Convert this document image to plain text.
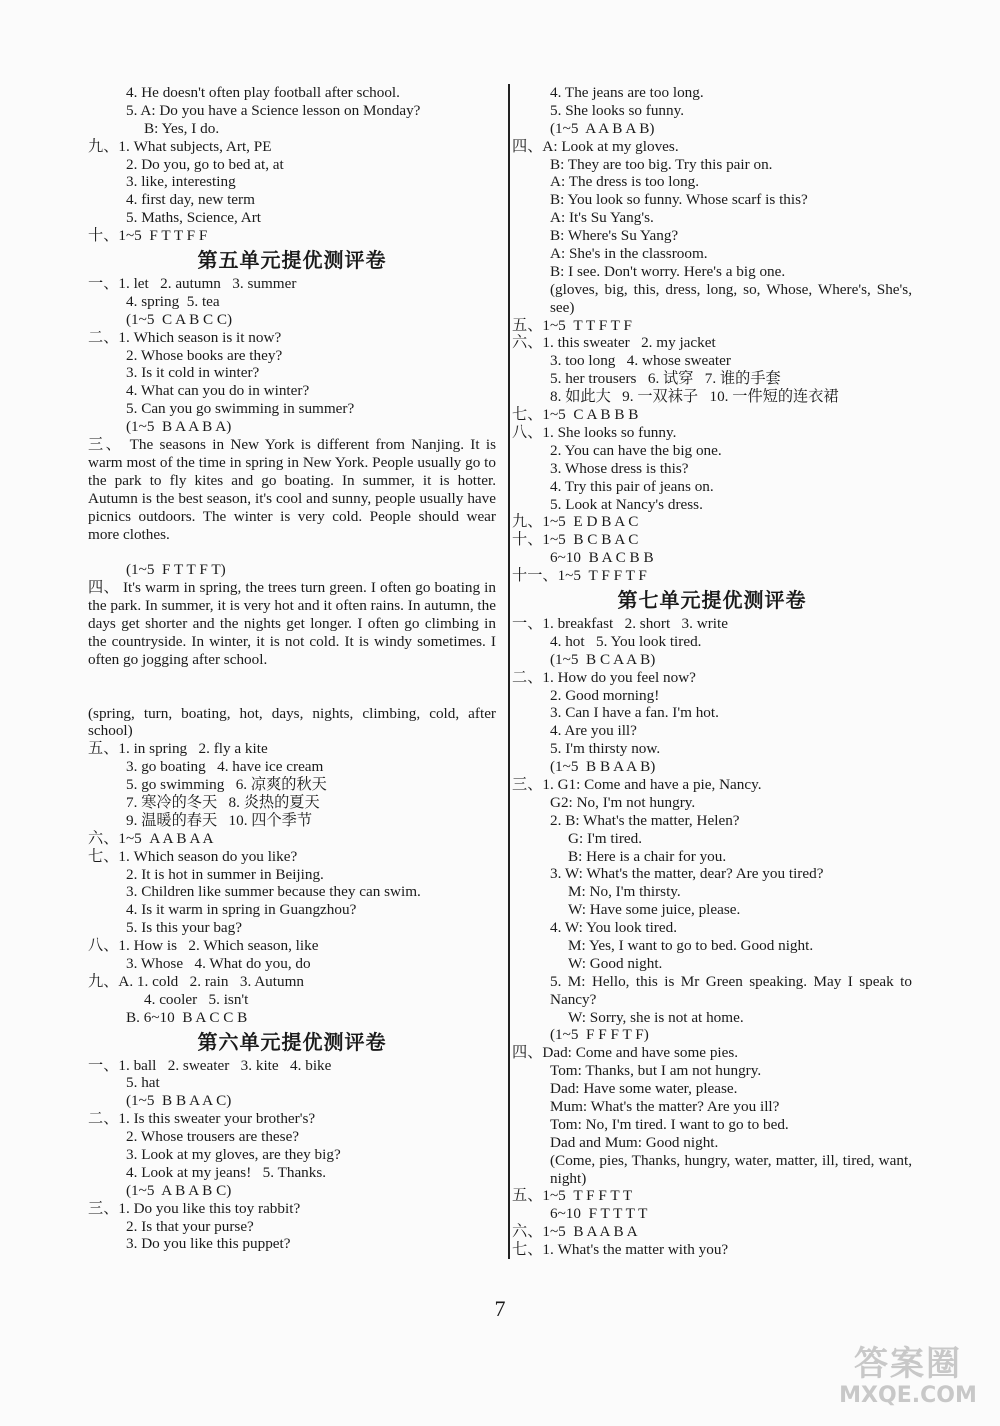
4. He doesn't often play football after school.
5. A: Do you have a Science lesson on Monday?
B: Yes, I do.
九、1. What subjects, Art, PE
2. Do you, go to bed at, at
3. like, interesting
4. first day, new term
5. Maths, Science, Art
十、1~5  F T T F F
第五单元提优测评卷
一、1. let   2. autumn   3. summer
4. spring  5. tea
(1~5  C A B C C)
二、1. Which season is it now?
2. Whose books are they?
3. Is it cold in winter?
4. What can you do in winter?
5. Can you go swimming in summer?
(1~5  B A A B A)
三、 The seasons in New York is different from Nanjing. It is warm most of the time in spring in New York. People usually go to the park to fly kites and go boating. In summer, it is hotter. Autumn is the best season, it's cool and sunny, people usually have picnics outdoors. The winter is very cold. People should wear more clothes.
(1~5  F T T F T)
四、 It's warm in spring, the trees turn green. I often go boating in the park. In summer, it is very hot and it often rains. In autumn, the days get shorter and the nights get longer. I often go climbing in the countryside. In winter, it is not cold. It is windy sometimes. I often go jogging after school.
(spring, turn, boating, hot, days, nights, climbing, cold, after school)
五、1. in spring   2. fly a kite
3. go boating   4. have ice cream
5. go swimming   6. 凉爽的秋天
7. 寒冷的冬天   8. 炎热的夏天
9. 温暖的春天   10. 四个季节
六、1~5  A A B A A
七、1. Which season do you like?
2. It is hot in summer in Beijing.
3. Children like summer because they can swim.
4. Is it warm in spring in Guangzhou?
5. Is this your bag?
八、1. How is   2. Which season, like
3. Whose   4. What do you, do
九、A. 1. cold   2. rain   3. Autumn
4. cooler   5. isn't
B. 6~10  B A C C B
第六单元提优测评卷
一、1. ball   2. sweater   3. kite   4. bike
5. hat
(1~5  B B A A C)
二、1. Is this sweater your brother's?
2. Whose trousers are these?
3. Look at my gloves, are they big?
4. Look at my jeans!   5. Thanks.
(1~5  A B A B C)
三、1. Do you like this toy rabbit?
2. Is that your purse?
3. Do you like this puppet?
4. The jeans are too long.
5. She looks so funny.
(1~5  A A B A B)
四、A: Look at my gloves.
B: They are too big. Try this pair on.
A: The dress is too long.
B: You look so funny. Whose scarf is this?
A: It's Su Yang's.
B: Where's Su Yang?
A: She's in the classroom.
B: I see. Don't worry. Here's a big one.
(gloves, big, this, dress, long, so, Whose, Where's, She's, see)
五、1~5  T T F T F
六、1. this sweater   2. my jacket
3. too long   4. whose sweater
5. her trousers   6. 试穿   7. 谁的手套
8. 如此大   9. 一双袜子   10. 一件短的连衣裙
七、1~5  C A B B B
八、1. She looks so funny.
2. You can have the big one.
3. Whose dress is this?
4. Try this pair of jeans on.
5. Look at Nancy's dress.
九、1~5  E D B A C
十、1~5  B C B A C
6~10  B A C B B
十一、1~5  T F F T F
第七单元提优测评卷
一、1. breakfast   2. short   3. write
4. hot   5. You look tired.
(1~5  B C A A B)
二、1. How do you feel now?
2. Good morning!
3. Can I have a fan. I'm hot.
4. Are you ill?
5. I'm thirsty now.
(1~5  B B A A B)
三、1. G1: Come and have a pie, Nancy.
G2: No, I'm not hungry.
2. B: What's the matter, Helen?
G: I'm tired.
B: Here is a chair for you.
3. W: What's the matter, dear? Are you tired?
M: No, I'm thirsty.
W: Have some juice, please.
4. W: You look tired.
M: Yes, I want to go to bed. Good night.
W: Good night.
5. M: Hello, this is Mr Green speaking. May I speak to Nancy?
W: Sorry, she is not at home.
(1~5  F F F T F)
四、Dad: Come and have some pies.
Tom: Thanks, but I am not hungry.
Dad: Have some water, please.
Mum: What's the matter? Are you ill?
Tom: No, I'm tired. I want to go to bed.
Dad and Mum: Good night.
(Come, pies, Thanks, hungry, water, matter, ill, tired, want, night)
五、1~5  T F F T T
6~10  F T T T T
六、1~5  B A A B A
七、1. What's the matter with you?
7
答案圈
MXQE.COM
